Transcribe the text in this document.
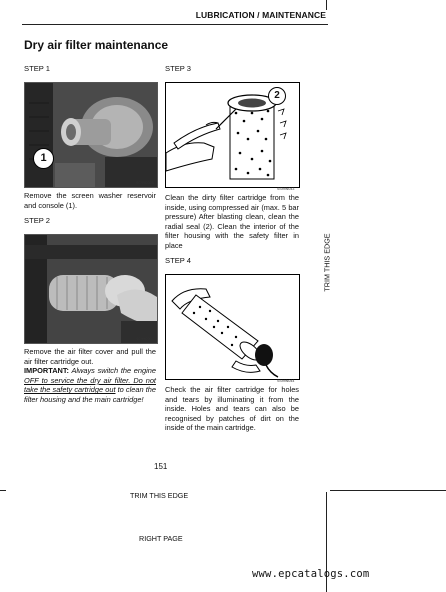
LUBRICATION / MAINTENANCE
Dry air filter maintenance
STEP 1
1
SC99C006
Remove the screen washer reservoir and console (1).
STEP 2
SC99C007
Remove the air filter cover and pull the air filter cartridge out.
IMPORTANT: Always switch the engine OFF to service the dry air filter. Do not take the safety cartridge out to clean the filter housing and the main cartridge!
STEP 3
2
SS99N043
Clean the dirty filter cartridge from the inside, using compressed air (max. 5 bar pressure) After blasting clean, clean the radial seal (2). Clean the interior of the filter housing with the safety filter in place
STEP 4
SS99N044
Check the air filter cartridge for holes and tears by illuminating it from the inside. Holes and tears can also be recognised by patches of dirt on the inside of the main cartridge.
151
TRIM THIS EDGE
RIGHT PAGE
TRIM THIS EDGE
www.epcatalogs.com
